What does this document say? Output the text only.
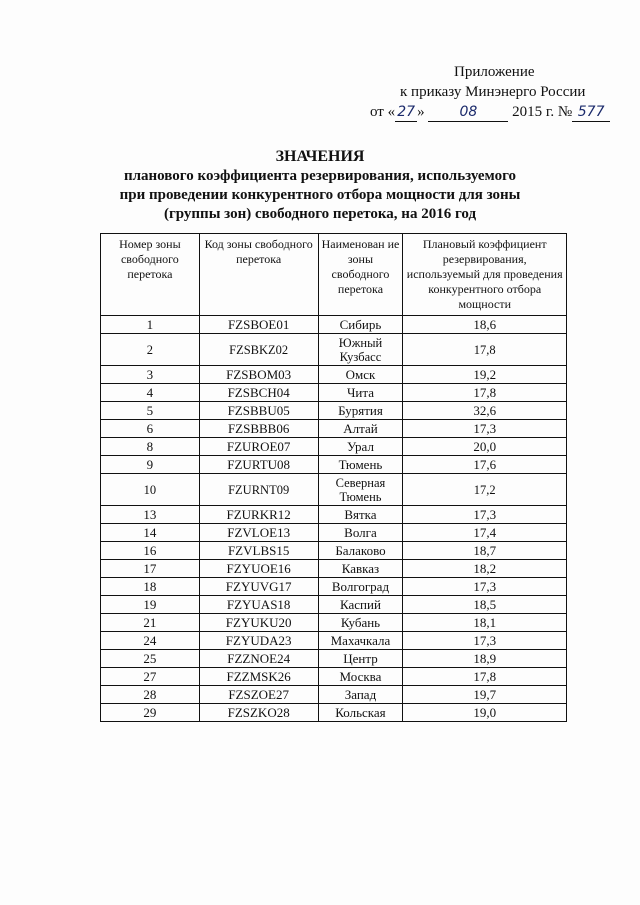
Приложение
к приказу Минэнерго России
от « 27 » 08 2015 г. № 577
ЗНАЧЕНИЯ
планового коэффициента резервирования, используемого
при проведении конкурентного отбора мощности для зоны
(группы зон) свободного перетока, на 2016 год
Номер зоны свободного перетока	Код зоны свободного перетока	Наименован ие зоны свободного перетока	Плановый коэффициент резервирования, используемый для проведения конкурентного отбора мощности
1	FZSBOE01	Сибирь	18,6
2	FZSBKZ02	Южный Кузбасс	17,8
3	FZSBOM03	Омск	19,2
4	FZSBCH04	Чита	17,8
5	FZSBBU05	Бурятия	32,6
6	FZSBBB06	Алтай	17,3
8	FZUROE07	Урал	20,0
9	FZURTU08	Тюмень	17,6
10	FZURNT09	Северная Тюмень	17,2
13	FZURKR12	Вятка	17,3
14	FZVLOE13	Волга	17,4
16	FZVLBS15	Балаково	18,7
17	FZYUOE16	Кавказ	18,2
18	FZYUVG17	Волгоград	17,3
19	FZYUAS18	Каспий	18,5
21	FZYUKU20	Кубань	18,1
24	FZYUDA23	Махачкала	17,3
25	FZZNOE24	Центр	18,9
27	FZZMSK26	Москва	17,8
28	FZSZOE27	Запад	19,7
29	FZSZKO28	Кольская	19,0
